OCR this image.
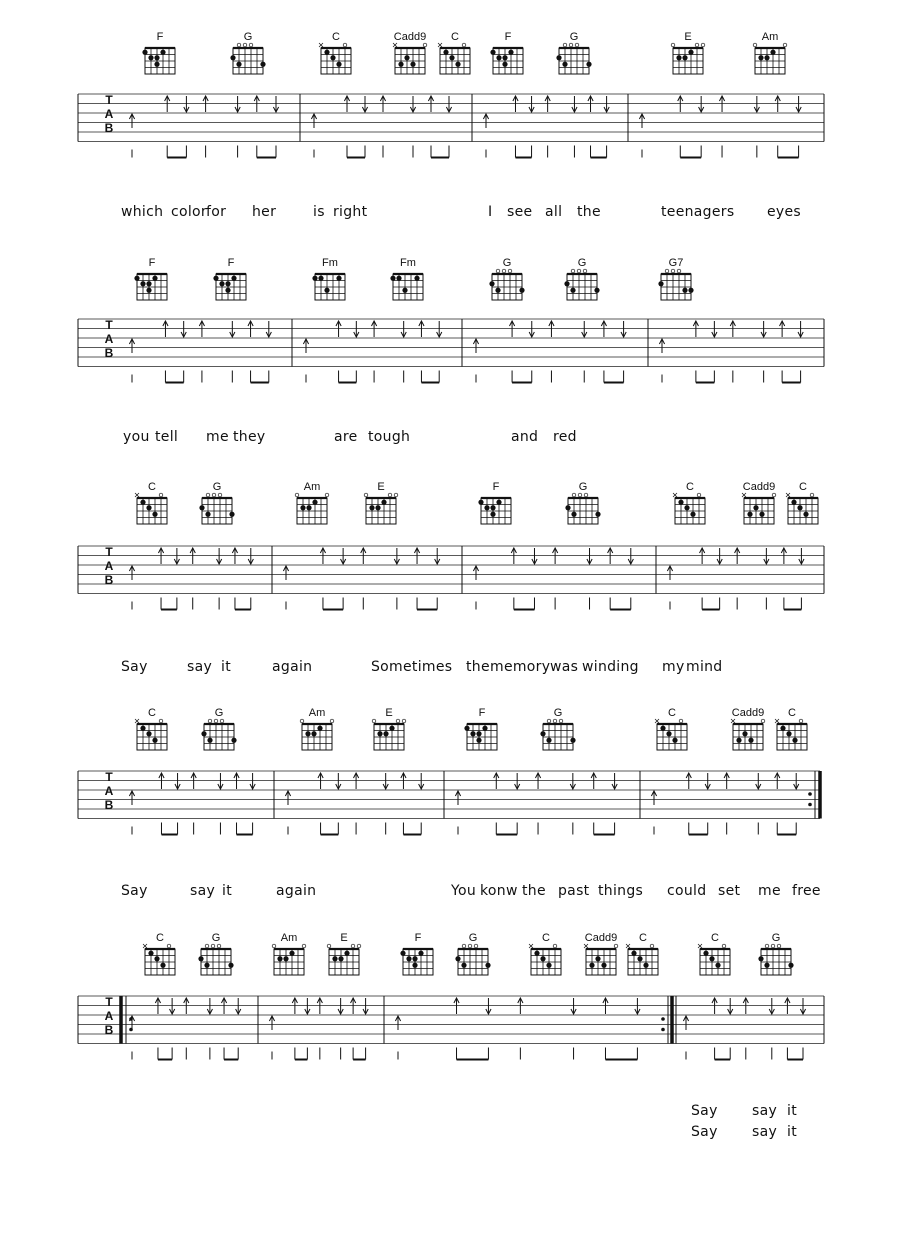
T
A
B
F	G	C	Cadd9 C	F	G	E	Am
T
A
B
F	F	Fm	Fm	G	G	G7
T
A
B
C	G	Am	E	F	G	C	Cadd9 C
T
A
B
C	G	Am	E	F	G	C	Cadd9 C
T
A
B
C	G	Am	E	F	G	C	Cadd9 C	C	G
which color for her	is right	I see all the	teenagers eyes
you tell me they	are tough	and red
Say	say it	again	Sometimes the memory was winding my mind
Say	say it	again	You konw the past things could set me free
Say say it
Say say it
